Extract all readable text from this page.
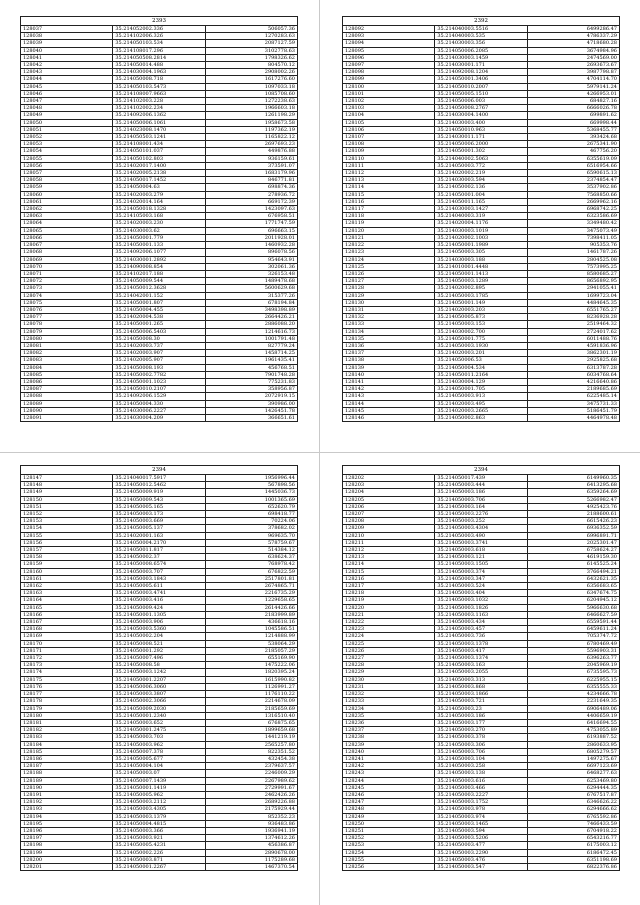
2393		
128037	35.214052002.336	506057.36
128038	35.214102006.326	1270283.63
128039	35.214050103.534	2087127.59
128040	35.214108017.296	3102778.63
128041	35.214050508.2814	1798326.62
128042	35.214050014.488	804570.12
128043	35.214030004.1963	2908002.26
128044	35.214050008.718	1617276.60
128045	35.214050103.5473	1097033.18
128046	35.214108007.9663	1085708.60
128047	35.214102003.228	1272238.63
128048	35.214102002.234	1966603.18
128049	35.214092006.1362	1261198.29
128050	35.214050006.1061	1958673.58
128051	35.214023008.1470	1197362.19
128052	35.214050503.1241	1165822.12
128053	35.214108001.434	2697693.23
128054	35.214050101.037	449876.88
128055	35.214050102.803	936159.61
128056	35.214020017.1400	373591.07
128057	35.214020005.2138	1683179.96
128058	35.214050017.1452	846771.81
128059	35.214050004.63	698874.36
128060	35.214020003.279	278936.72
128061	35.214020014.164	669172.39
128062	35.214050018.1328	1423097.63
128063	35.214105003.168	676958.51
128064	35.214020003.230	1771747.59
128065	35.214030003.62	696663.15
128066	35.214050001.779	2011928.01
128067	35.214050001.133	1460932.28
128068	35.214092006.1077	896078.56
128069	35.214030001.2892	954643.91
128070	35.214090008.854	302061.36
128071	35.214102017.188	326153.48
128072	35.214050009.544	1489478.68
128073	35.214050012.3628	5600629.68
128074	35.214042001.152	315377.26
128075	35.214050001.807	678194.84
128076	35.214050004.455	3498398.89
128077	35.214020004.538	2664426.21
128078	35.214050001.265	2886088.20
128079	35.214050006.5403	1214616.73
128080	35.214050008.30	1001791.48
128081	35.214020003.737	827779.24
128082	35.214020003.907	1458714.25
128083	35.214020005.907	1961435.41
128084	35.214050008.193	456768.51
128085	35.214050002.7782	7901748.28
128086	35.214050001.1023	775231.83
128087	35.214050010.2107	358956.87
128088	35.214092006.1529	2072919.15
128089	35.214050004.330	390986.00
128090	35.214030006.2227	1426451.78
128091	35.214030004.209	366651.61
2392		
128092	35.214040003.5516	6499286.47
128093	35.214040003.535	4786337.29
128094	35.214030003.356	4718680.28
128095	35.214050006.2085	3674984.96
128096	35.214030003.1459	2474569.00
128097	35.214030001.171	2693673.67
128098	35.214092008.1204	3987798.87
128099	35.214050001.3406	4704114.70
128100	35.214050010.2007	5979141.24
128101	35.214050005.1510	4266953.01
128102	35.214050006.003	684827.16
128103	35.214050008.2767	6666026.78
128104	35.214030004.1400	699891.62
128105	35.214030003.400	669998.44
128106	35.214050010.963	5368455.77
128107	35.214030011.171	393424.68
128108	35.214050006.2000	2675341.90
128109	35.214050001.302	467756.20
128110	35.214040002.5063	6355619.09
128111	35.214050003.772	6516954.66
128112	35.214020002.219	6590615.13
128113	35.214030003.594	2374854.47
128114	35.214050002.136	3537902.86
128115	35.214050001.004	7568850.66
128116	35.214050011.165	2669962.16
128117	35.214030003.1427	6968742.25
128118	35.214040003.319	6323586.69
128119	35.214020004.1176	3349480.42
128120	35.214030003.1019	3475073.49
128121	35.214020002.1003	7398411.05
128122	35.214050001.1989	905353.76
128123	35.214050003.305	1461787.26
128124	35.214030003.188	2804525.08
128125	35.214010001.4448	7573995.25
128126	35.214050001.1413	8580685.27
128127	35.214050003.1289	8656892.95
128128	35.214020002.895	2941055.41
128129	35.214050003.1785	1699723.04
128130	35.214050001.149	4484645.35
128131	35.214020003.203	6551765.27
128132	35.214050005.873	8236928.28
128133	35.214050003.153	2519464.32
128134	35.214030002.700	2724017.62
128135	35.214050001.775	6011488.76
128136	35.214050003.1930	4591836.96
128137	35.214020003.201	3862301.19
128138	35.214050006.53	2925825.68
128139	35.214050004.534	6313787.28
128140	35.214050011.2164	6034768.64
128141	35.214030004.129	4216640.86
128142	35.214050001.705	2189685.69
128143	35.214050003.913	6225485.14
128144	35.214020003.495	3475731.33
128145	35.214020003.2665	5186451.79
128146	35.214050002.863	4464978.48
2394		
128147	35.214040017.5917	1956996.44
128148	35.214050012.5462	567898.56
128149	35.214050009.919	1445036.73
128150	35.214050009.543	1001365.69
128151	35.214050005.165	652620.79
128152	35.214050003.173	698418.77
128153	35.214050003.669	70224.06
128154	35.214050005.137	378682.02
128155	35.214020001.163	969635.70
128156	35.214050004.2170	578759.67
128157	35.214050011.817	514384.12
128158	35.214050002.37	638624.37
128159	35.214050008.6574	768978.42
128160	35.214050003.707	676822.59
128161	35.214050003.1843	2517801.81
128162	35.214050005.611	2674865.71
128163	35.214050003.4741	2216735.29
128164	35.214050003.416	1229658.65
128165	35.214050009.424	2614426.66
128166	35.214050001.1305	2183999.89
128167	35.214050003.906	436618.16
128168	35.214050003.5360	1045586.51
128169	35.214050002.204	1214888.99
128170	35.214050008.521	538064.29
128171	35.214050001.292	2185057.29
128172	35.214050007.496	655169.90
128173	35.214050008.58	1475222.06
128174	35.214050003.1242	1820395.24
128175	35.214050001.2207	1615990.82
128176	35.214050006.3060	1126991.27
128177	35.214050003.3807	1176110.22
128178	35.214050002.3066	2214678.09
128179	35.214050009.2030	2185659.69
128180	35.214050001.2340	1316510.40
128181	35.214050003.652	676875.65
128182	35.214050001.2475	1899659.68
128183	35.214050003.703	1441219.19
128184	35.214050003.962	2565257.80
128185	35.214050007.378	822351.52
128186	35.214050005.677	432454.38
128187	35.214050004.104	2379637.57
128188	35.214050003.07	2246009.29
128189	35.214050007.1439	2267989.62
128190	35.214050001.1419	2729991.67
128191	35.214050005.962	2462426.26
128192	35.214050003.2112	2689226.88
128193	35.214050003.4305	2175929.44
128194	35.214050003.1379	852352.23
128195	35.214050004.4815	936483.86
128196	35.214050003.366	1936941.19
128197	35.214050003.921	1374612.26
128198	35.214050005.4231	456386.87
128199	35.214050002.226	2890678.00
128200	35.214050003.871	1175289.68
128201	35.214050001.2267	1467370.54
2394		
128202	35.214050017.439	6149960.35
128203	35.214050003.444	6413295.68
128204	35.214050003.186	6359264.69
128205	35.214050003.706	5266982.47
128206	35.214050003.164	4925423.76
128207	35.214050003.2276	2188600.61
128208	35.214050003.252	6615426.23
128209	35.214050003.4304	6936352.59
128210	35.214050003.490	6996891.71
128211	35.214050003.3741	2025301.47
128212	35.214050003.618	6758624.27
128213	35.214050003.121	4619159.30
128214	35.214050003.1505	6145525.24
128215	35.214050003.374	3766494.21
128216	35.214050003.347	6432621.35
128217	35.214050003.524	6356683.65
128218	35.214050003.404	6347674.75
128219	35.214050003.1032	6204945.12
128220	35.214050003.1826	5966630.68
128221	35.214050003.1163	6466627.59
128222	35.214050003.434	6559591.44
128223	35.214050003.457	6459611.24
128224	35.214050003.736	7053747.72
128225	35.214050003.1378	6780469.49
128226	35.214050003.417	5596903.31
128227	35.214050003.1374	6396263.77
128228	35.214050003.163	2045969.19
128229	35.214050003.2055	6735595.73
128230	35.214050003.313	6225955.15
128231	35.214050003.868	6355555.33
128232	35.214050003.1866	4234666.78
128233	35.214050003.721	2231649.35
128234	35.214050003.23	6906489.06
128235	35.214050003.186	4406659.19
128236	35.214050003.177	6416694.55
128237	35.214050003.270	4753055.89
128238	35.214050003.378	6193887.52
128239	35.214050003.306	2860633.95
128240	35.214050003.706	6805279.57
128241	35.214050003.104	1497275.67
128242	35.214050003.258	6697123.69
128243	35.214050003.138	6468277.63
128244	35.214050003.616	6253469.80
128245	35.214050003.466	6294444.35
128246	35.214050003.2227	6767517.87
128247	35.214050003.1752	6346626.22
128248	35.214050003.978	6294666.62
128249	35.214050003.974	6765592.86
128250	35.214050003.1465	7466433.59
128251	35.214050003.594	6704918.22
128252	35.214050003.5206	6543216.77
128253	35.214050003.477	6175003.12
128254	35.214050003.2290	6186472.45
128255	35.214050003.476	6351198.69
128256	35.214050003.547	6822376.86
